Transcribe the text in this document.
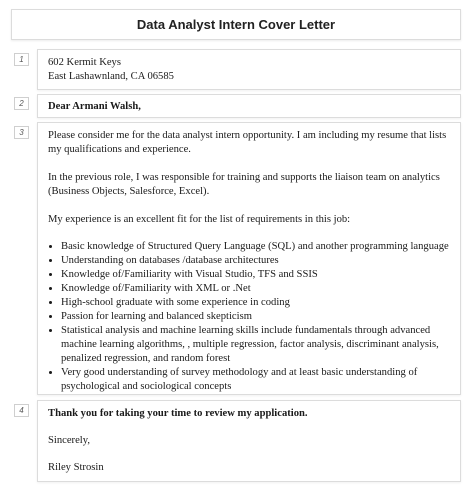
Data Analyst Intern Cover Letter
1	602 Kermit Keys

East Lashawnland, CA 06585

2	Dear Armani Walsh,

3	Please consider me for the data analyst intern opportunity. I am including my resume that lists my qualifications and experience.

In the previous role, I was responsible for training and supports the liaison team on analytics (Business Objects, Salesforce, Excel).

My experience is an excellent fit for the list of requirements in this job:

• Basic knowledge of Structured Query Language (SQL) and another programming language
• Understanding on databases /database architectures
• Knowledge of/Familiarity with Visual Studio, TFS and SSIS
• Knowledge of/Familiarity with XML or .Net
• High-school graduate with some experience in coding
• Passion for learning and balanced skepticism
• Statistical analysis and machine learning skills include fundamentals through advanced machine learning algorithms, , multiple regression, factor analysis, discriminant analysis, penalized regression, and random forest
• Very good understanding of survey methodology and at least basic understanding of psychological and sociological concepts
4	Thank you for taking your time to review my application.

Sincerely,

Riley Strosin
